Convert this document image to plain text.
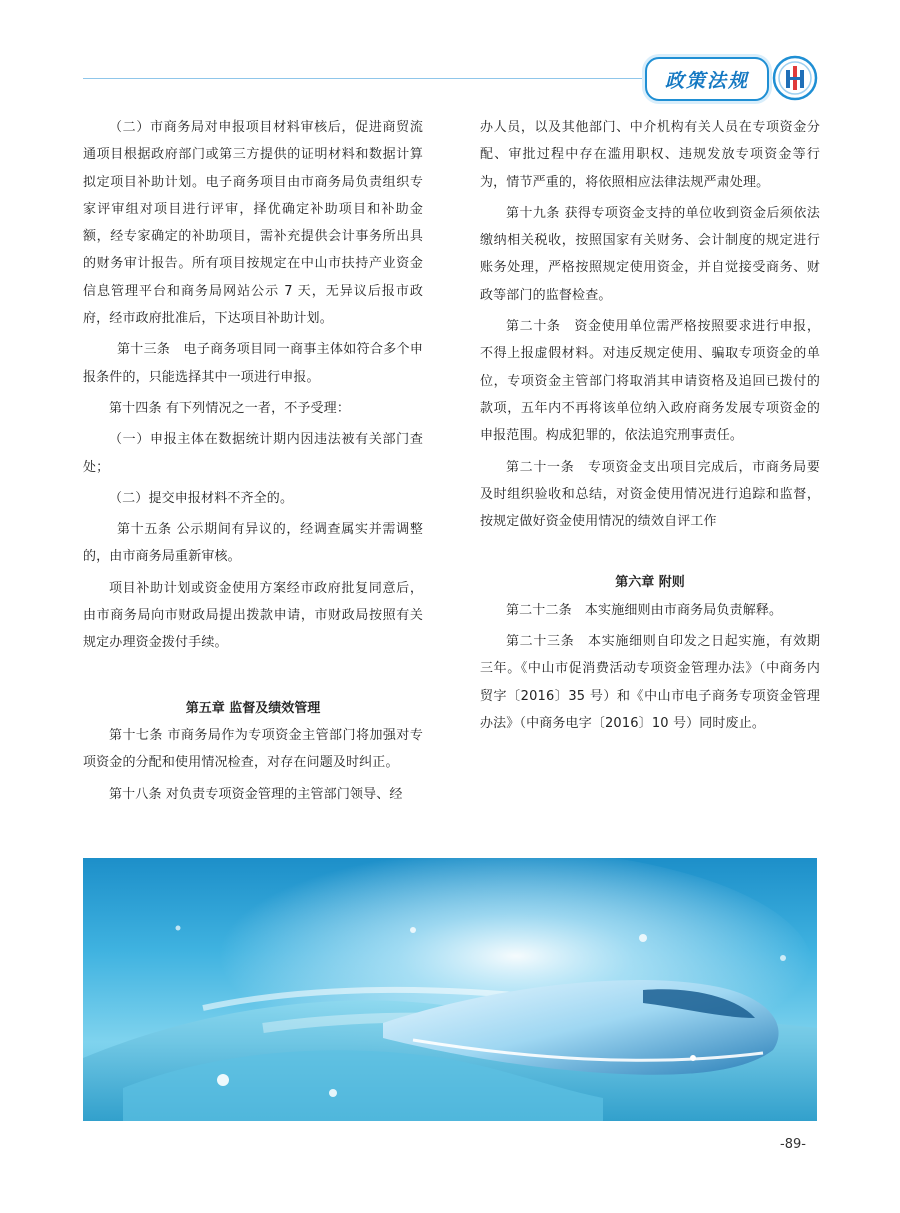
政策法规

（二）市商务局对申报项目材料审核后，促进商贸流通项目根据政府部门或第三方提供的证明材料和数据计算拟定项目补助计划。电子商务项目由市商务局负责组织专家评审组对项目进行评审，择优确定补助项目和补助金额，经专家确定的补助项目，需补充提供会计事务所出具的财务审计报告。所有项目按规定在中山市扶持产业资金信息管理平台和商务局网站公示 7 天，无异议后报市政府，经市政府批准后，下达项目补助计划。

第十三条　电子商务项目同一商事主体如符合多个申报条件的，只能选择其中一项进行申报。

第十四条 有下列情况之一者，不予受理：

（一）申报主体在数据统计期内因违法被有关部门查处；

（二）提交申报材料不齐全的。

第十五条 公示期间有异议的，经调查属实并需调整的，由市商务局重新审核。

项目补助计划或资金使用方案经市政府批复同意后，由市商务局向市财政局提出拨款申请，市财政局按照有关规定办理资金拨付手续。

第五章 监督及绩效管理

第十七条 市商务局作为专项资金主管部门将加强对专项资金的分配和使用情况检查，对存在问题及时纠正。

第十八条 对负责专项资金管理的主管部门领导、经

办人员，以及其他部门、中介机构有关人员在专项资金分配、审批过程中存在滥用职权、违规发放专项资金等行为，情节严重的，将依照相应法律法规严肃处理。

第十九条 获得专项资金支持的单位收到资金后须依法缴纳相关税收，按照国家有关财务、会计制度的规定进行账务处理，严格按照规定使用资金，并自觉接受商务、财政等部门的监督检查。

第二十条　资金使用单位需严格按照要求进行申报，不得上报虚假材料。对违反规定使用、骗取专项资金的单位，专项资金主管部门将取消其申请资格及追回已拨付的款项，五年内不再将该单位纳入政府商务发展专项资金的申报范围。构成犯罪的，依法追究刑事责任。

第二十一条　专项资金支出项目完成后，市商务局要及时组织验收和总结，对资金使用情况进行追踪和监督，按规定做好资金使用情况的绩效自评工作

第六章 附则

第二十二条　本实施细则由市商务局负责解释。

第二十三条　本实施细则自印发之日起实施，有效期三年。《中山市促消费活动专项资金管理办法》（中商务内贸字〔2016〕35 号）和《中山市电子商务专项资金管理办法》（中商务电字〔2016〕10 号）同时废止。

-89-
